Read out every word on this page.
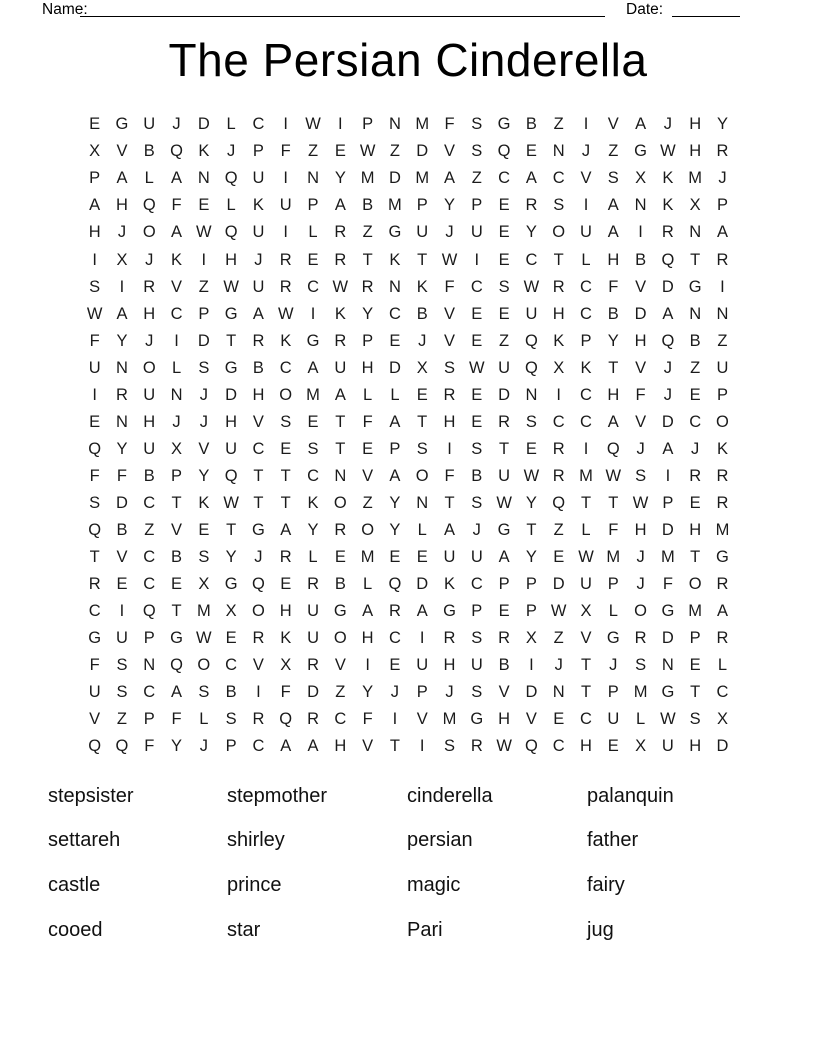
Name:	Date:
The Persian Cinderella
E G U	J	D	L	C	I	W	I	P N M F	S G B	Z	I	V A	J	H Y
X V B Q K	J	P	F	Z	E W Z D V S Q E N	J	Z G W H R
P A	L	A N Q U	I	N Y M D M A	Z C A C V S X K M J
A H Q F	E	L	K U P A B M P Y P E R S	I	A N K X P
H	J	O A W Q U	I	L	R Z G U	J	U E Y O U A	I	R N A
I	X	J	K	I	H	J	R E R T	K	T W	I	E C T	L	H B Q T R
S	I	R V	Z W U R C W R N K	F C S W R C F	V D G	I
W A H C P G A W	I	K Y C B V E E U H C B D A N N
F	Y	J	I	D T R K G R P E	J	V E	Z Q K P Y H Q B	Z
U N O L	S G B C A U H D X S W U Q X K	T	V	J	Z U
I	R U N	J	D H O M A	L	L	E R E D N	I	C H F	J	E P
E N H	J	J	H V S E	T	F	A	T H E R S C C A V D C O
Q Y U X V U C E S	T	E P S	I	S	T	E R	I	Q	J	A	J	K
F	F	B P Y Q T	T C N V A O F	B U W R M W S	I	R R
S D C T	K W T	T	K O Z	Y N T	S W Y Q T	T W P E R
Q B	Z	V E	T G A Y R O Y	L	A	J	G T	Z	L	F H D H M
T	V C B S Y	J	R	L	E M E E U U A Y E W M J M T G
R E C E X G Q E R B	L Q D K C P P D U P	J	F O R
C	I	Q T M X O H U G A R A G P E P W X	L O G M A
G U P G W E R K U O H C	I	R S R X	Z	V G R D P R
F	S N Q O C V X R V	I	E U H U B	I	J	T	J	S N E	L
U S C A S B	I	F D Z	Y	J	P	J	S V D N T	P M G T C
V	Z	P	F	L	S R Q R C F	I	V M G H V E C U	L W S X
Q Q F	Y	J	P C A A H V	T	I	S R W Q C H E X U H D
stepsister	stepmother	cinderella	palanquin
settareh	shirley	persian	father
castle	prince	magic	fairy
cooed	star	Pari	jug
